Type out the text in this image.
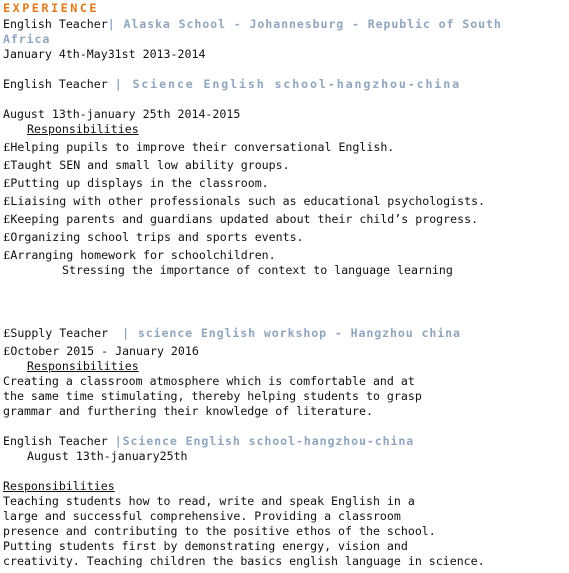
EXPERIENCE
English Teacher| Alaska School - Johannesburg - Republic of South Africa
January 4th-May31st 2013-2014
English Teacher | Science English school-hangzhou-china
August 13th-january 25th 2014-2015
Responsibilities
£Helping pupils to improve their conversational English.
£Taught SEN and small low ability groups.
£Putting up displays in the classroom.
£Liaising with other professionals such as educational psychologists.
£Keeping parents and guardians updated about their child’s progress.
£Organizing school trips and sports events.
£Arranging homework for schoolchildren.
Stressing the importance of context to language learning
£Supply Teacher  | science English workshop - Hangzhou china
£October 2015 - January 2016
Responsibilities
Creating a classroom atmosphere which is comfortable and at
the same time stimulating, thereby helping students to grasp
grammar and furthering their knowledge of literature.
English Teacher |Science English school-hangzhou-china
August 13th-january25th
Responsibilities
Teaching students how to read, write and speak English in a
large and successful comprehensive. Providing a classroom
presence and contributing to the positive ethos of the school.
Putting students first by demonstrating energy, vision and
creativity. Teaching children the basics english language in science.
